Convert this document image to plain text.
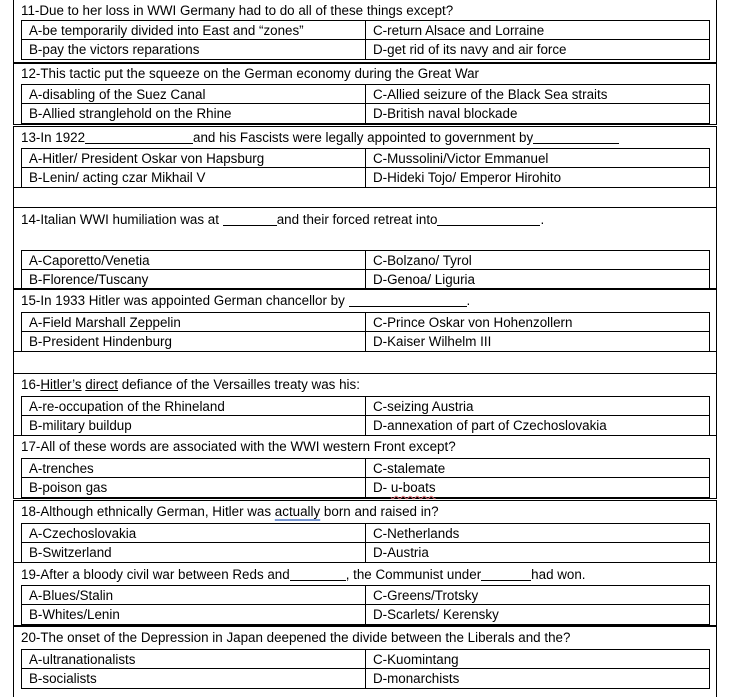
11-Due to her loss in WWI Germany had to do all of these things except?
A-be temporarily divided into East and “zones”	C-return Alsace and Lorraine
B-pay the victors reparations	D-get rid of its navy and air force
12-This tactic put the squeeze on the German economy during the Great War
A-disabling of the Suez Canal	C-Allied seizure of the Black Sea straits
B-Allied stranglehold on the Rhine	D-British naval blockade
13-In 1922	and his Fascists were legally appointed to government by
A-Hitler/ President Oskar von Hapsburg	C-Mussolini/Victor Emmanuel
B-Lenin/ acting czar Mikhail V	D-Hideki Tojo/ Emperor Hirohito
14-Italian WWI humiliation was at	and their forced retreat into	.
A-Caporetto/Venetia	C-Bolzano/ Tyrol
B-Florence/Tuscany	D-Genoa/ Liguria
15-In 1933 Hitler was appointed German chancellor by	.
A-Field Marshall Zeppelin	C-Prince Oskar von Hohenzollern
B-President Hindenburg	D-Kaiser Wilhelm III
16-Hitler’s direct defiance of the Versailles treaty was his:
A-re-occupation of the Rhineland	C-seizing Austria
B-military buildup	D-annexation of part of Czechoslovakia
17-All of these words are associated with the WWI western Front except?
A-trenches	C-stalemate
B-poison gas	D- u-boats
18-Although ethnically German, Hitler was actually born and raised in?
A-Czechoslovakia	C-Netherlands
B-Switzerland	D-Austria
19-After a bloody civil war between Reds and	, the Communist under	had won.
A-Blues/Stalin	C-Greens/Trotsky
B-Whites/Lenin	D-Scarlets/ Kerensky
20-The onset of the Depression in Japan deepened the divide between the Liberals and the?
A-ultranationalists	C-Kuomintang
B-socialists	D-monarchists
